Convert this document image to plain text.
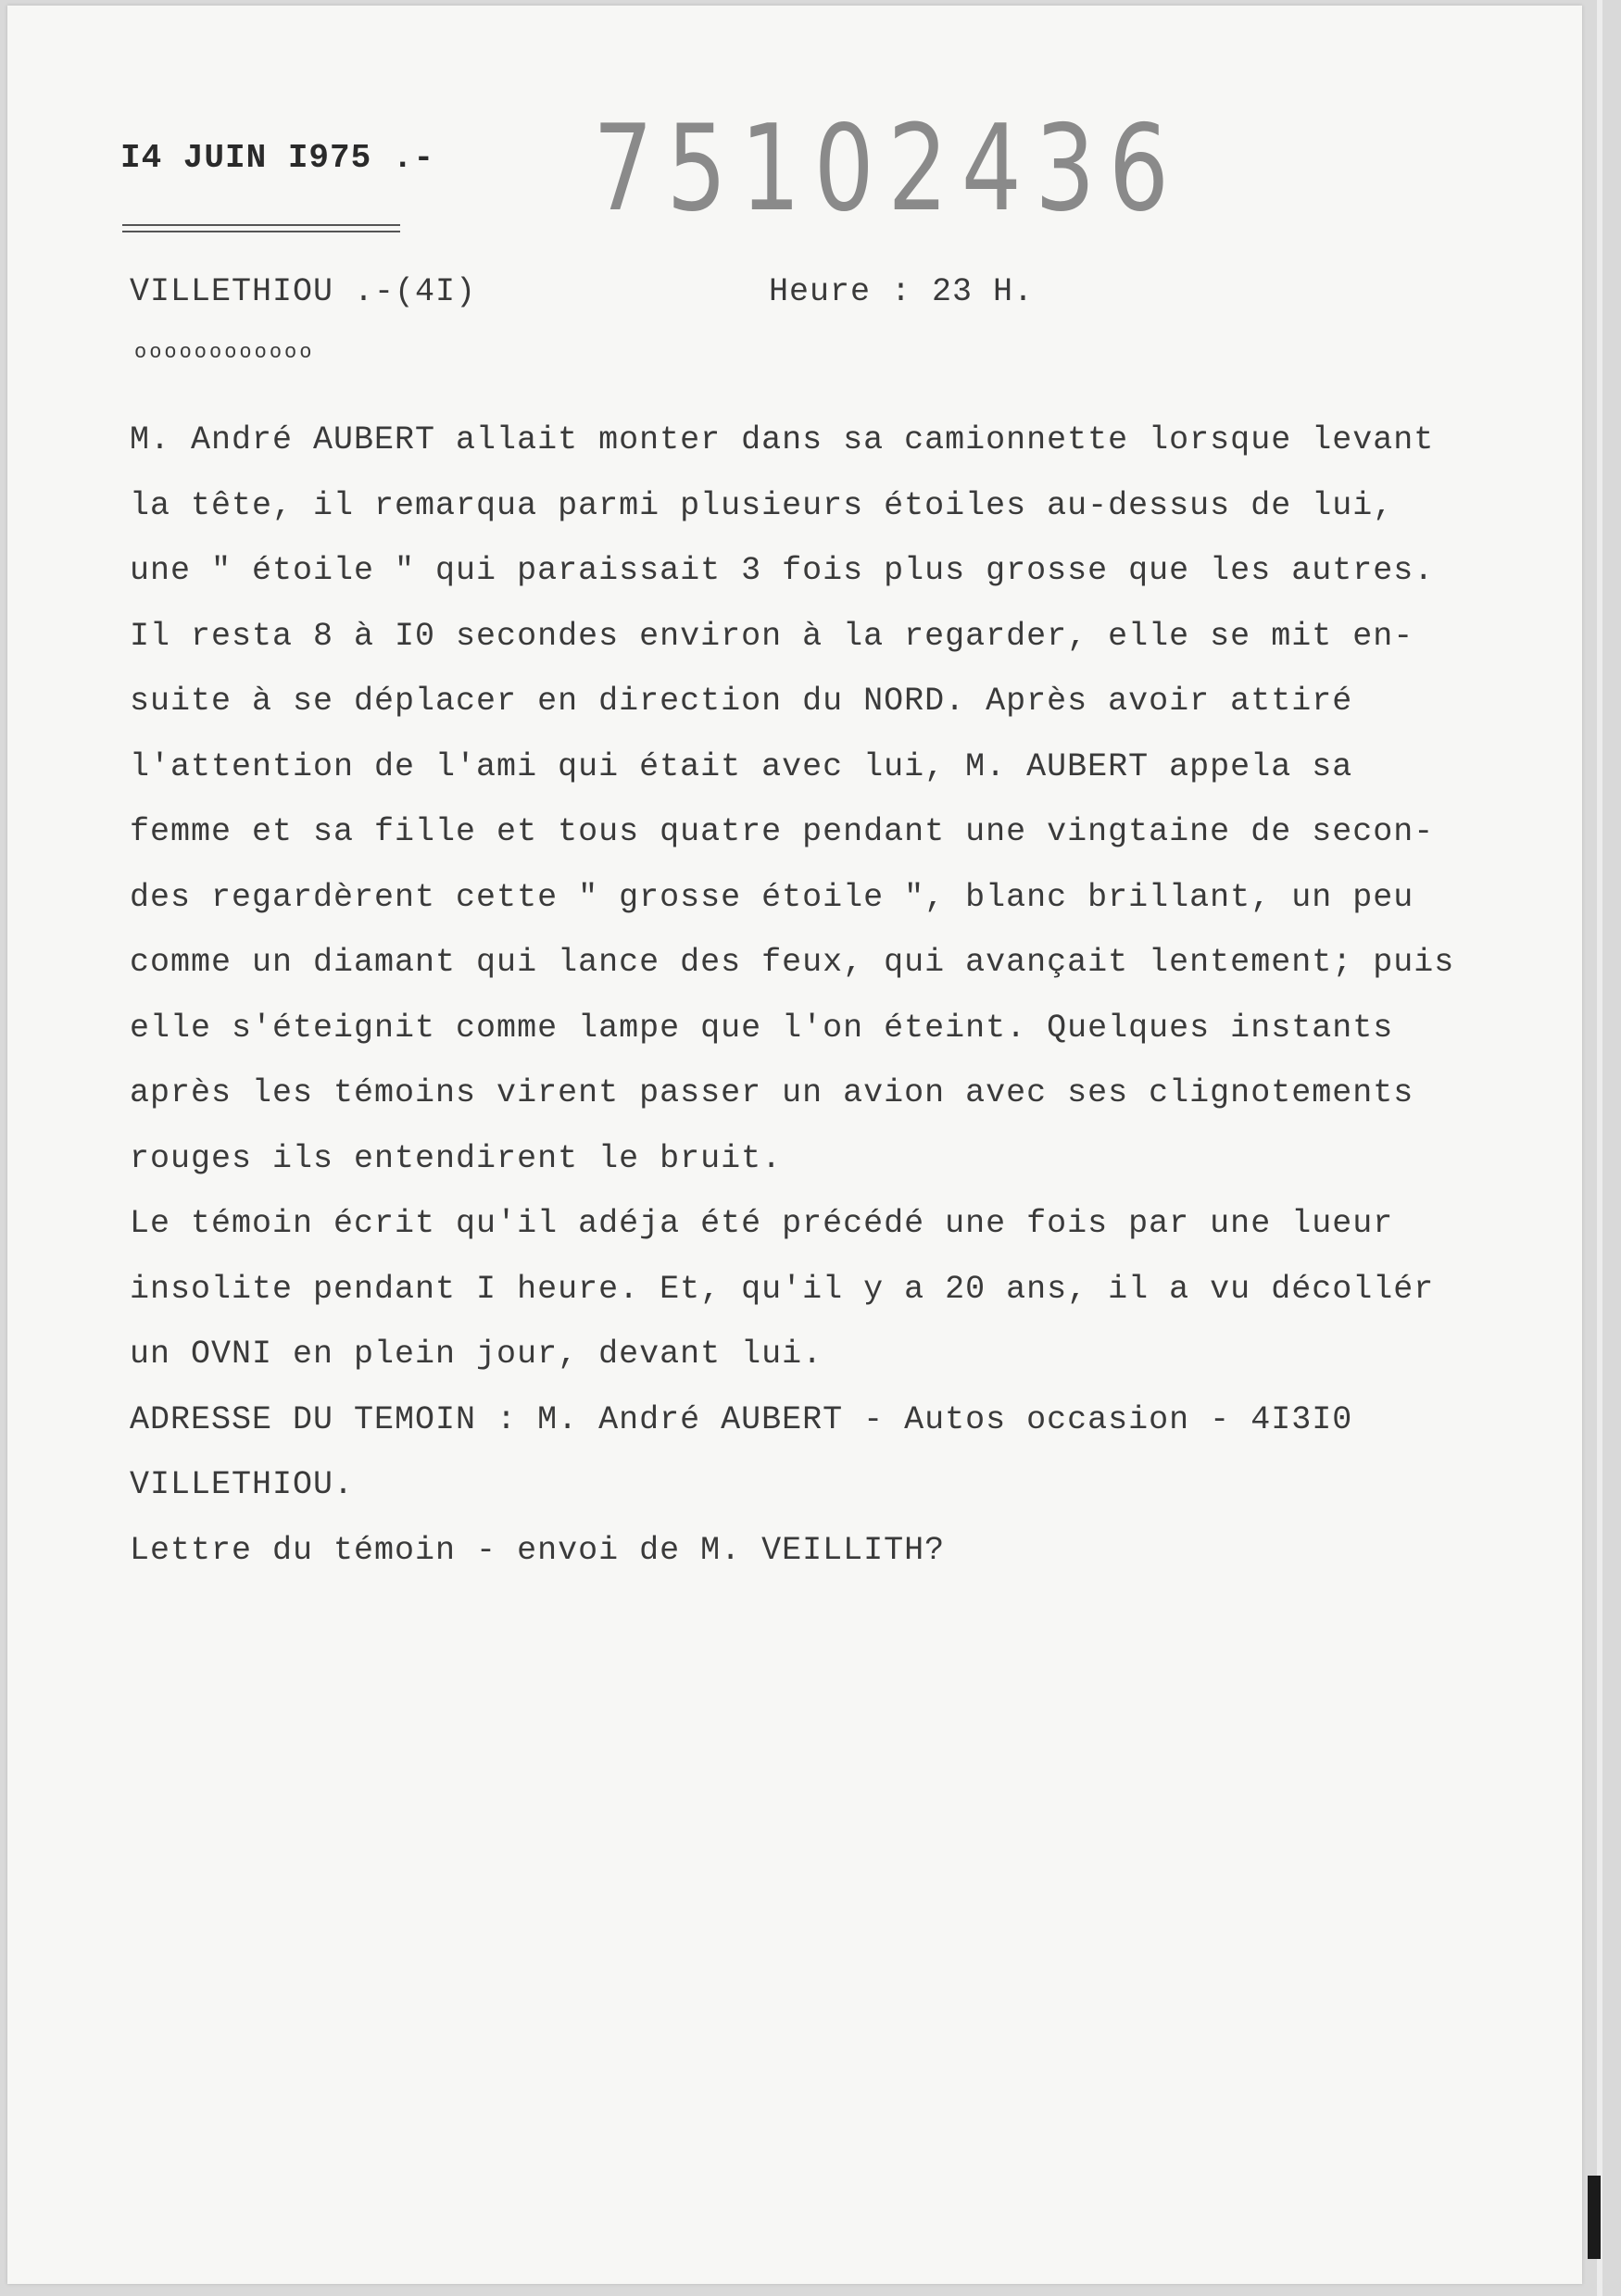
I4 JUIN I975 .- 75102436
VILLETHIOU .-(4I)	Heure : 23 H.
oooooooooooo

M. André AUBERT allait monter dans sa camionnette lorsque levant

la tête, il remarqua parmi plusieurs étoiles au-dessus de lui,

une " étoile " qui paraissait 3 fois plus grosse que les autres.

Il resta 8 à I0 secondes environ à la regarder, elle se mit en-

suite à se déplacer en direction du NORD. Après avoir attiré

l'attention de l'ami qui était avec lui, M. AUBERT appela sa

femme et sa fille et tous quatre pendant une vingtaine de secon-

des regardèrent cette " grosse étoile ", blanc brillant, un peu

comme un diamant qui lance des feux, qui avançait lentement; puis

elle s'éteignit comme lampe que l'on éteint. Quelques instants

après les témoins virent passer un avion avec ses clignotements

rouges ils entendirent le bruit.

Le témoin écrit qu'il adéja été précédé une fois par une lueur

insolite pendant I heure. Et, qu'il y a 20 ans, il a vu décollér

un OVNI en plein jour, devant lui.

ADRESSE DU TEMOIN : M. André AUBERT - Autos occasion - 4I3I0

VILLETHIOU.

Lettre du témoin - envoi de M. VEILLITH?
